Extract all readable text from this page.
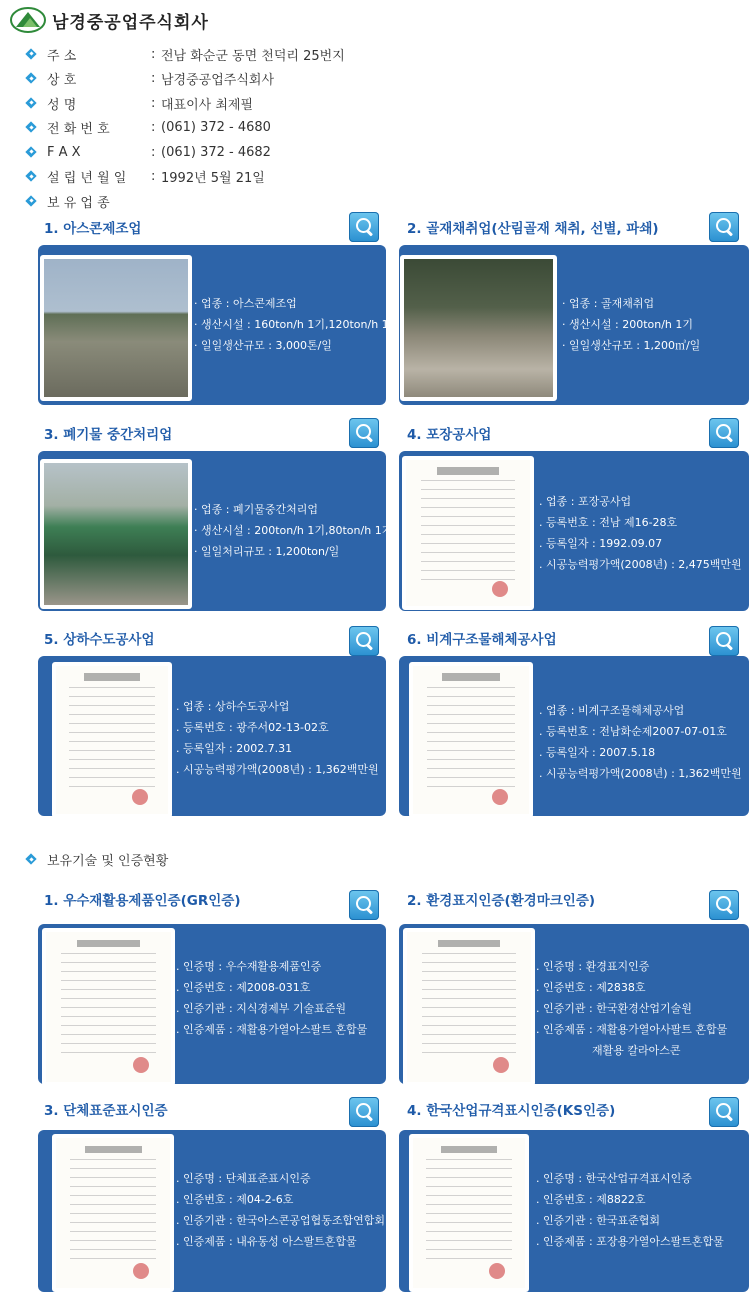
남경중공업주식회사
주 소	: 전남 화순군 동면 천덕리 25번지
상 호	: 남경중공업주식회사
성 명	: 대표이사 최제필
전 화 번 호	: (061) 372 - 4680
F A X	: (061) 372 - 4682
설 립 년 월 일	: 1992년 5월 21일
보 유 업 종
1. 아스콘제조업
· 업종 : 아스콘제조업
· 생산시설 : 160ton/h 1기,120ton/h 1기
· 일일생산규모 : 3,000톤/일
2. 골재채취업(산림골재 채취, 선별, 파쇄)
· 업종 : 골재채취업
· 생산시설 : 200ton/h 1기
· 일일생산규모 : 1,200㎥/일
3. 폐기물 중간처리업
· 업종 : 폐기물중간처리업
· 생산시설 : 200ton/h 1기,80ton/h 1기
· 일일처리규모 : 1,200ton/일
4. 포장공사업
. 업종 : 포장공사업
. 등록번호 : 전남 제16-28호
. 등록일자 : 1992.09.07
. 시공능력평가액(2008년) : 2,475백만원
5. 상하수도공사업
. 업종 : 상하수도공사업
. 등록번호 : 광주서02-13-02호
. 등록일자 : 2002.7.31
. 시공능력평가액(2008년) : 1,362백만원
6. 비계구조물해체공사업
. 업종 : 비계구조물해체공사업
. 등록번호 : 전남화순제2007-07-01호
. 등록일자 : 2007.5.18
. 시공능력평가액(2008년) : 1,362백만원
보유기술 및 인증현황
1. 우수재활용제품인증(GR인증)
. 인증명 : 우수재활용제품인증
. 인증번호 : 제2008-031호
. 인증기관 : 지식경제부 기술표준원
. 인증제품 : 재활용가열아스팔트 혼합물
2. 환경표지인증(환경마크인증)
. 인증명 : 환경표지인증
. 인증번호 : 제2838호
. 인증기관 : 한국환경산업기술원
. 인증제품 : 재활용가열아사팔트 혼합물
재활용 칼라아스콘
3. 단체표준표시인증
. 인증명 : 단체표준표시인증
. 인증번호 : 제04-2-6호
. 인증기관 : 한국아스콘공업협동조합연합회
. 인증제품 : 내유동성 아스팔트혼합물
4. 한국산업규격표시인증(KS인증)
. 인증명 : 한국산업규격표시인증
. 인증번호 : 제8822호
. 인증기관 : 한국표준협회
. 인증제품 : 포장용가열아스팔트혼합물
